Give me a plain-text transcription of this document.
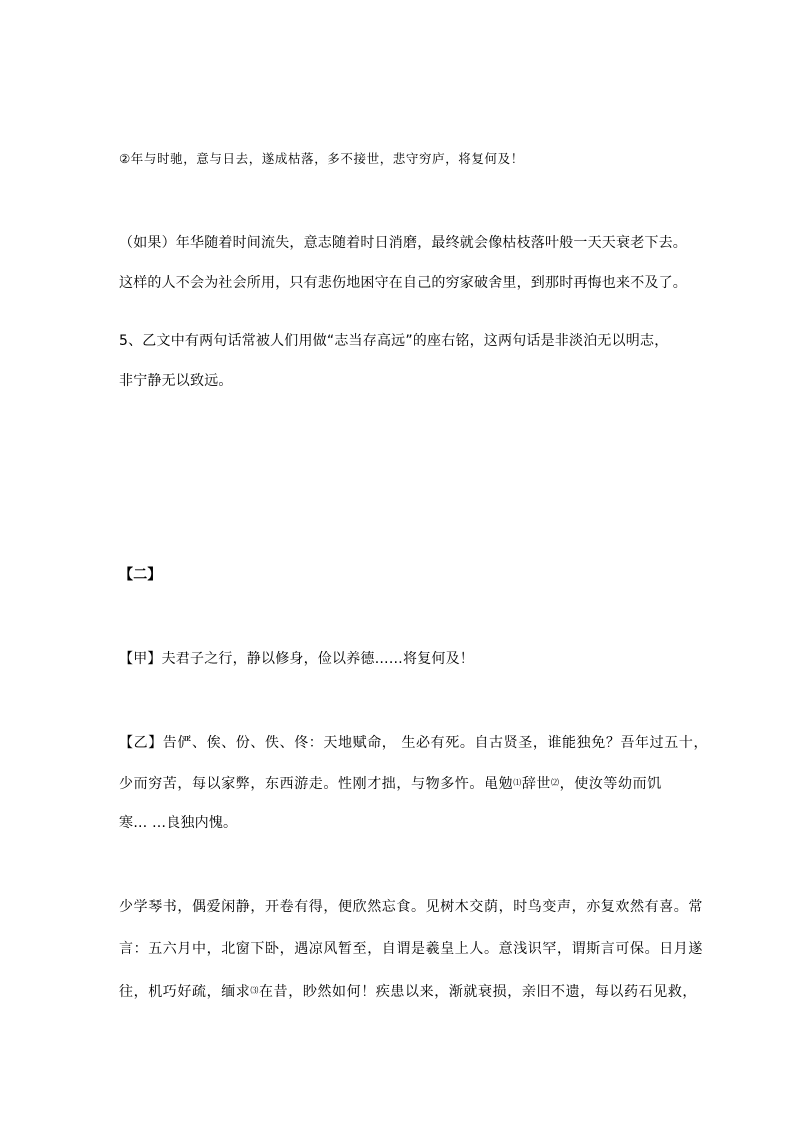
②年与时驰，意与日去，遂成枯落，多不接世，悲守穷庐，将复何及！
（如果）年华随着时间流失，意志随着时日消磨，最终就会像枯枝落叶般一天天衰老下去。
这样的人不会为社会所用，只有悲伤地困守在自己的穷家破舍里，到那时再悔也来不及了。
5、乙文中有两句话常被人们用做“志当存高远”的座右铭，这两句话是非淡泊无以明志，
非宁静无以致远。
【二】
【甲】夫君子之行，静以修身，俭以养德……将复何及！
【乙】告俨、俟、份、佚、佟：天地赋命， 生必有死。自古贤圣，谁能独免？吾年过五十，
少而穷苦，每以家弊，东西游走。性刚才拙，与物多忤。黾勉⑴辞世⑵，使汝等幼而饥
寒… …良独内愧。
少学琴书，偶爱闲静，开卷有得，便欣然忘食。见树木交荫，时鸟变声，亦复欢然有喜。常
言：五六月中，北窗下卧，遇凉风暂至，自谓是羲皇上人。意浅识罕，谓斯言可保。日月遂
往，机巧好疏，缅求⑶在昔，眇然如何！疾患以来，渐就衰损，亲旧不遗，每以药石见救，
